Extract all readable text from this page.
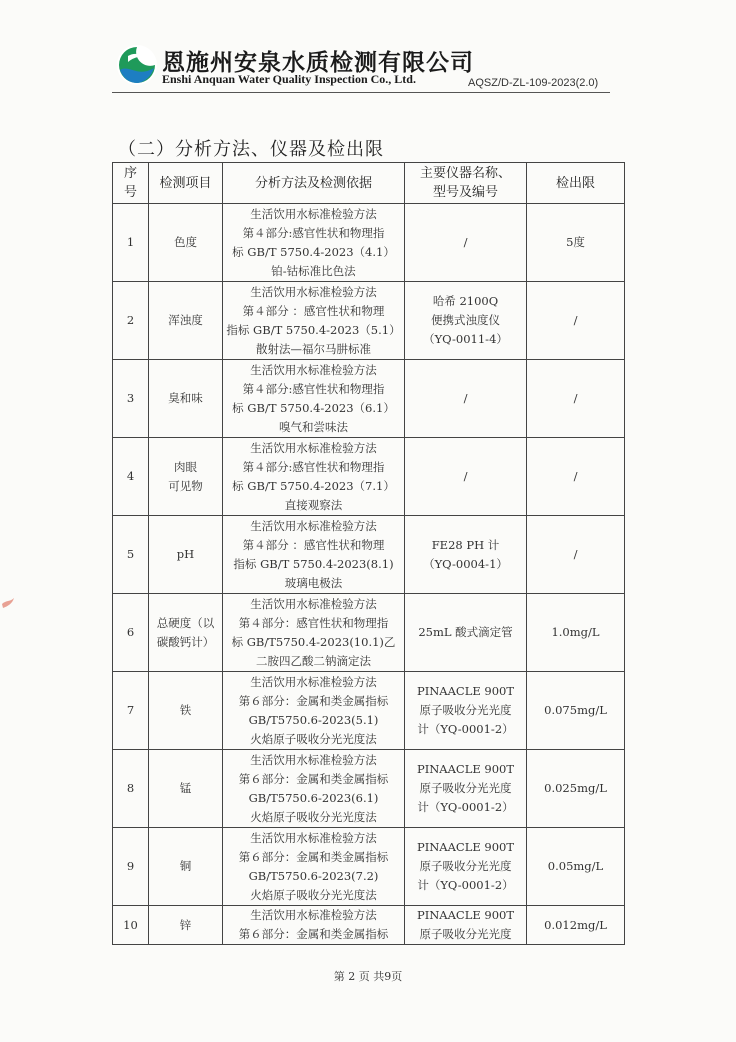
恩施州安泉水质检测有限公司
Enshi Anquan Water Quality Inspection Co., Ltd.	AQSZ/D-ZL-109-2023(2.0)
（二）分析方法、仪器及检出限
序
号	检测项目	分析方法及检测依据	主要仪器名称、
型号及编号	检出限
1	色度	生活饮用水标准检验方法
第４部分:感官性状和物理指
标 GB/T 5750.4-2023（4.1）
铂-钴标准比色法	/	5度
2	浑浊度	生活饮用水标准检验方法
第４部分 ：感官性状和物理
指标 GB/T 5750.4-2023（5.1）
散射法—福尔马肼标准	哈希 2100Q
便携式浊度仪
（YQ-0011-4）	/
3	臭和味	生活饮用水标准检验方法
第４部分:感官性状和物理指
标 GB/T 5750.4-2023（6.1）
嗅气和尝味法	/	/
4	肉眼
可见物	生活饮用水标准检验方法
第４部分:感官性状和物理指
标 GB/T 5750.4-2023（7.1）
直接观察法	/	/
5	pH	生活饮用水标准检验方法
第４部分 ：感官性状和物理
指标 GB/T 5750.4-2023(8.1)
玻璃电极法	FE28 PH 计
（YQ-0004-1）	/
6	总硬度（以
碳酸钙计）	生活饮用水标准检验方法
第４部分：感官性状和物理指
标 GB/T5750.4-2023(10.1)乙
二胺四乙酸二钠滴定法	25mL 酸式滴定管	1.0mg/L
7	铁	生活饮用水标准检验方法
第６部分：金属和类金属指标
GB/T5750.6-2023(5.1)
火焰原子吸收分光光度法	PINAACLE 900T
原子吸收分光光度
计（YQ-0001-2）	0.075mg/L
8	锰	生活饮用水标准检验方法
第６部分：金属和类金属指标
GB/T5750.6-2023(6.1)
火焰原子吸收分光光度法	PINAACLE 900T
原子吸收分光光度
计（YQ-0001-2）	0.025mg/L
9	铜	生活饮用水标准检验方法
第６部分：金属和类金属指标
GB/T5750.6-2023(7.2)
火焰原子吸收分光光度法	PINAACLE 900T
原子吸收分光光度
计（YQ-0001-2）	0.05mg/L
10	锌	生活饮用水标准检验方法
第６部分：金属和类金属指标	PINAACLE 900T
原子吸收分光光度	0.012mg/L
第 2 页 共9页
